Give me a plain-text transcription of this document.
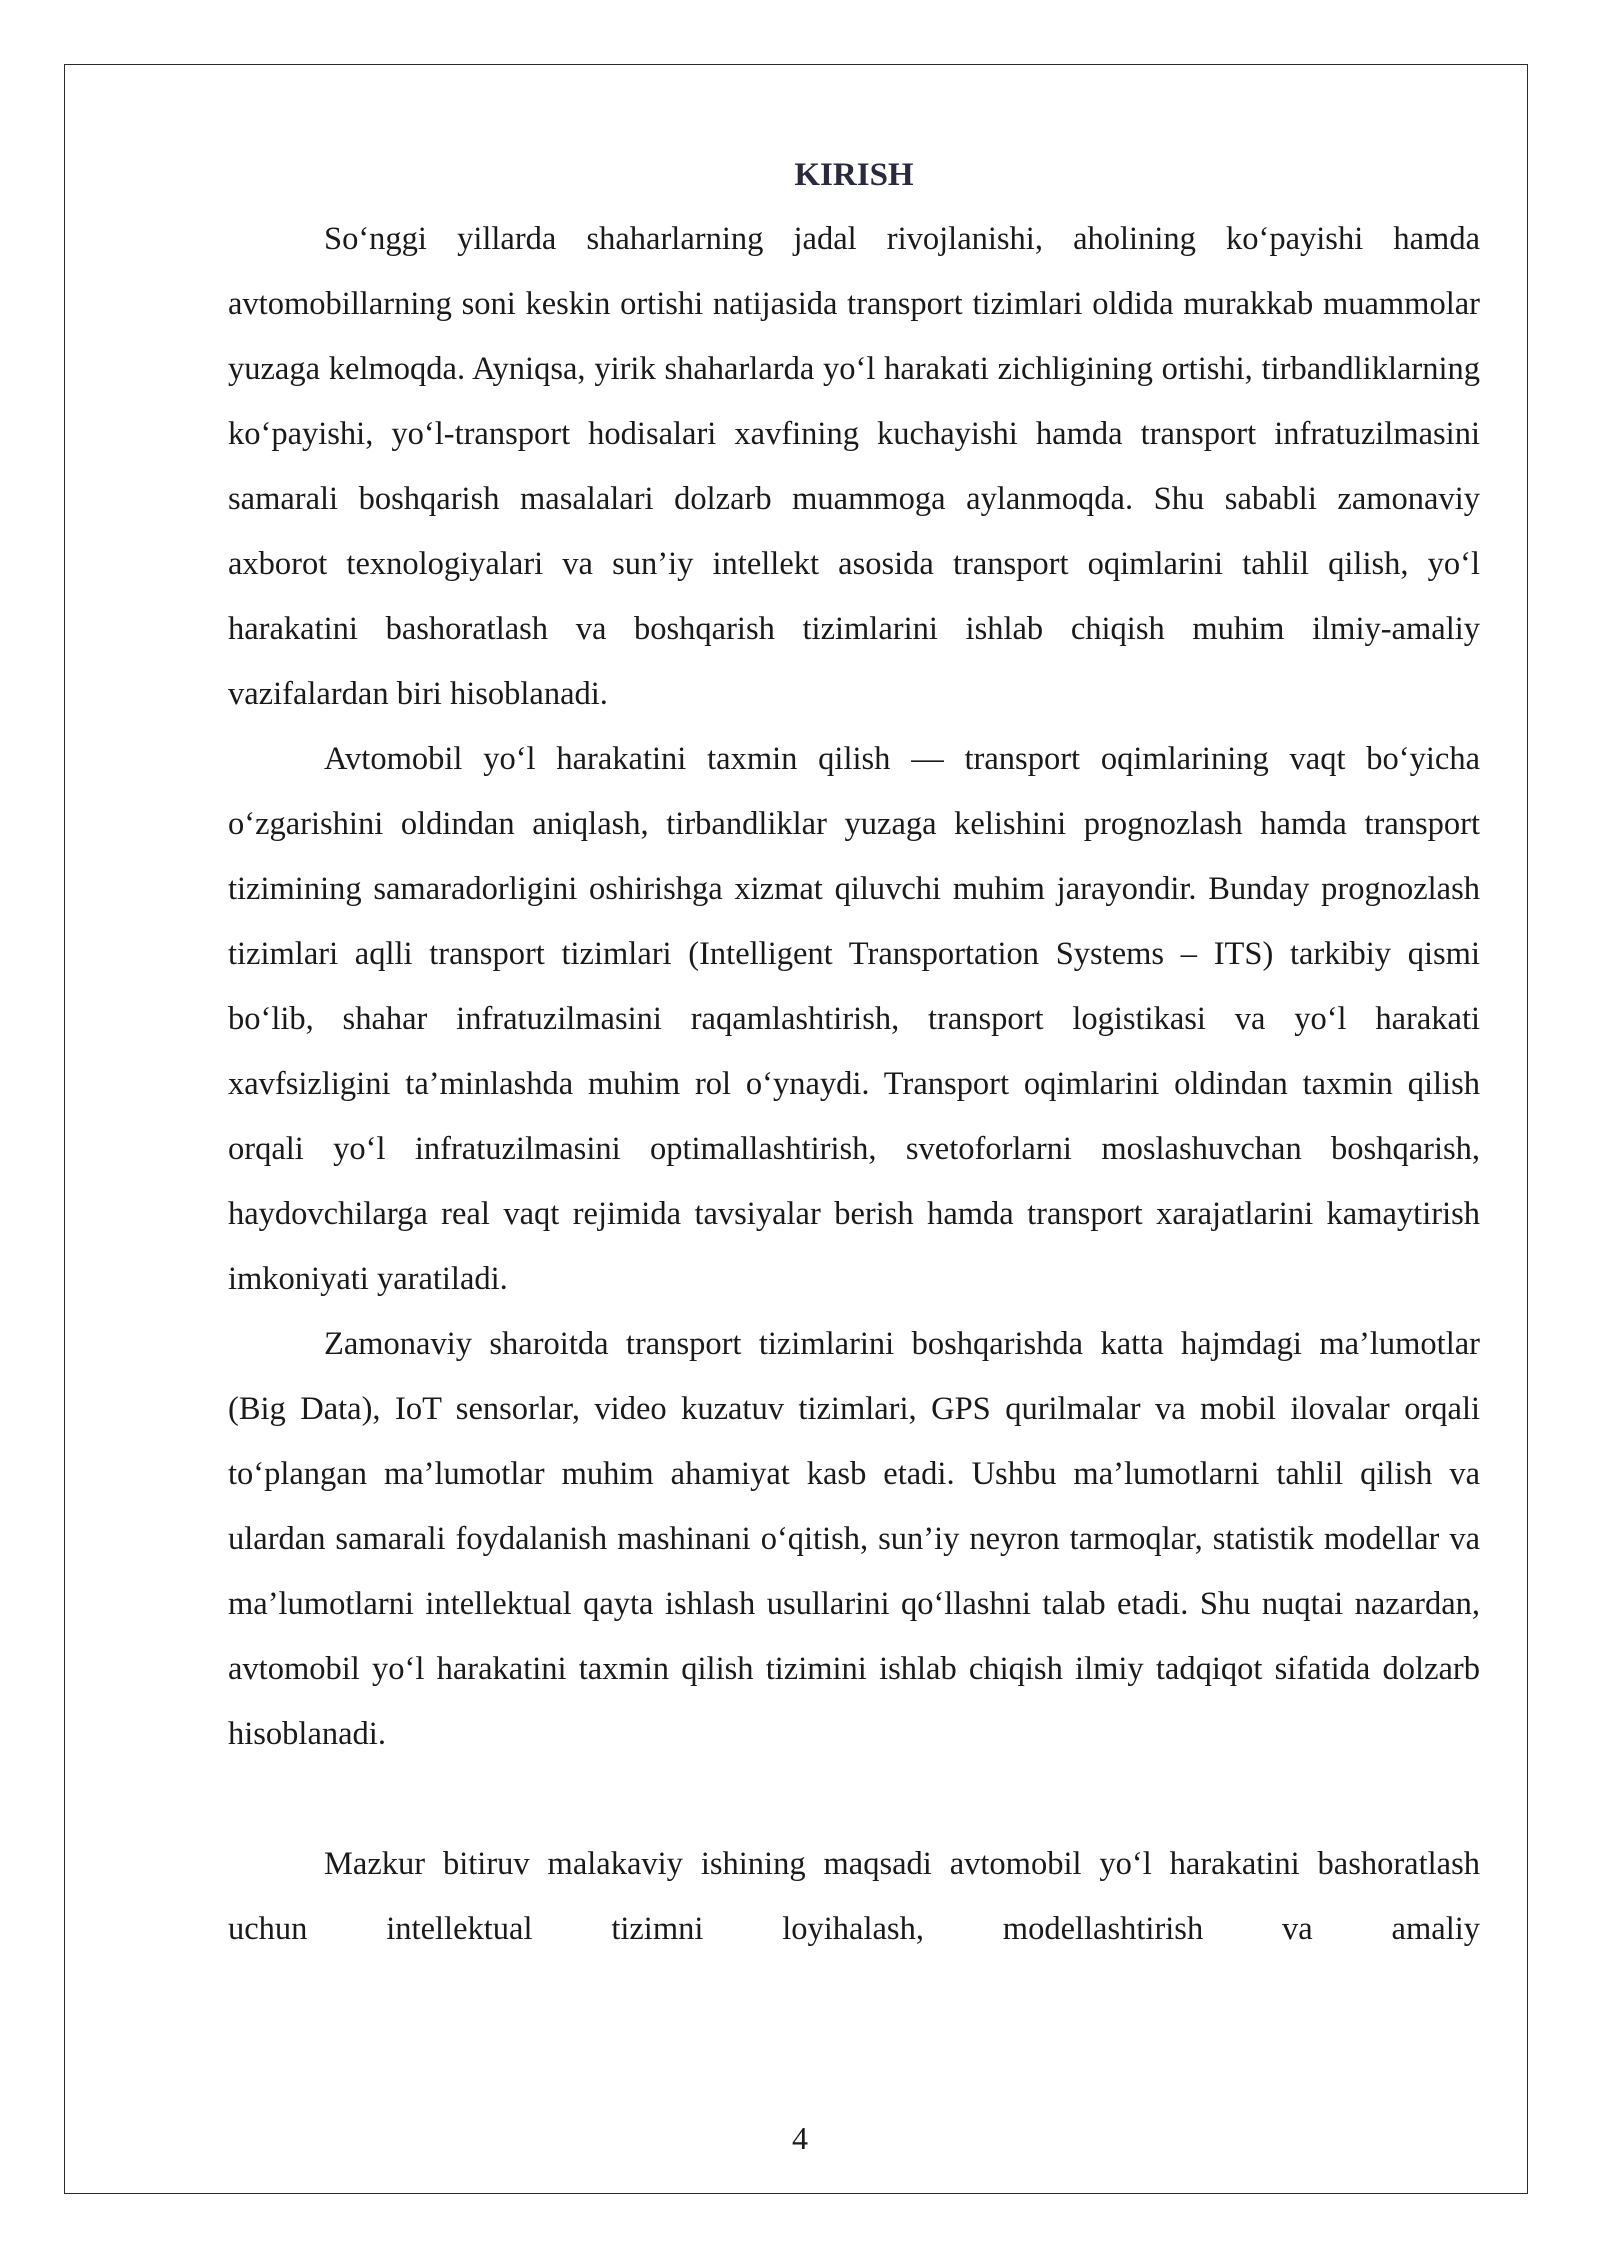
KIRISH

So‘nggi yillarda shaharlarning jadal rivojlanishi, aholining ko‘payishi hamda avtomobillarning soni keskin ortishi natijasida transport tizimlari oldida murakkab muammolar yuzaga kelmoqda. Ayniqsa, yirik shaharlarda yo‘l harakati zichligining ortishi, tirbandliklarning ko‘payishi, yo‘l-transport hodisalari xavfining kuchayishi hamda transport infratuzilmasini samarali boshqarish masalalari dolzarb muammoga aylanmoqda. Shu sababli zamonaviy axborot texnologiyalari va sun’iy intellekt asosida transport oqimlarini tahlil qilish, yo‘l harakatini bashoratlash va boshqarish tizimlarini ishlab chiqish muhim ilmiy-amaliy vazifalardan biri hisoblanadi.

Avtomobil yo‘l harakatini taxmin qilish — transport oqimlarining vaqt bo‘yicha o‘zgarishini oldindan aniqlash, tirbandliklar yuzaga kelishini prognozlash hamda transport tizimining samaradorligini oshirishga xizmat qiluvchi muhim jarayondir. Bunday prognozlash tizimlari aqlli transport tizimlari (Intelligent Transportation Systems – ITS) tarkibiy qismi bo‘lib, shahar infratuzilmasini raqamlashtirish, transport logistikasi va yo‘l harakati xavfsizligini ta’minlashda muhim rol o‘ynaydi. Transport oqimlarini oldindan taxmin qilish orqali yo‘l infratuzilmasini optimallashtirish, svetoforlarni moslashuvchan boshqarish, haydovchilarga real vaqt rejimida tavsiyalar berish hamda transport xarajatlarini kamaytirish imkoniyati yaratiladi.

Zamonaviy sharoitda transport tizimlarini boshqarishda katta hajmdagi ma’lumotlar (Big Data), IoT sensorlar, video kuzatuv tizimlari, GPS qurilmalar va mobil ilovalar orqali to‘plangan ma’lumotlar muhim ahamiyat kasb etadi. Ushbu ma’lumotlarni tahlil qilish va ulardan samarali foydalanish mashinani o‘qitish, sun’iy neyron tarmoqlar, statistik modellar va ma’lumotlarni intellektual qayta ishlash usullarini qo‘llashni talab etadi. Shu nuqtai nazardan, avtomobil yo‘l harakatini taxmin qilish tizimini ishlab chiqish ilmiy tadqiqot sifatida dolzarb hisoblanadi.

Mazkur bitiruv malakaviy ishining maqsadi avtomobil yo‘l harakatini bashoratlash uchun intellektual tizimni loyihalash, modellashtirish va amaliy

4
